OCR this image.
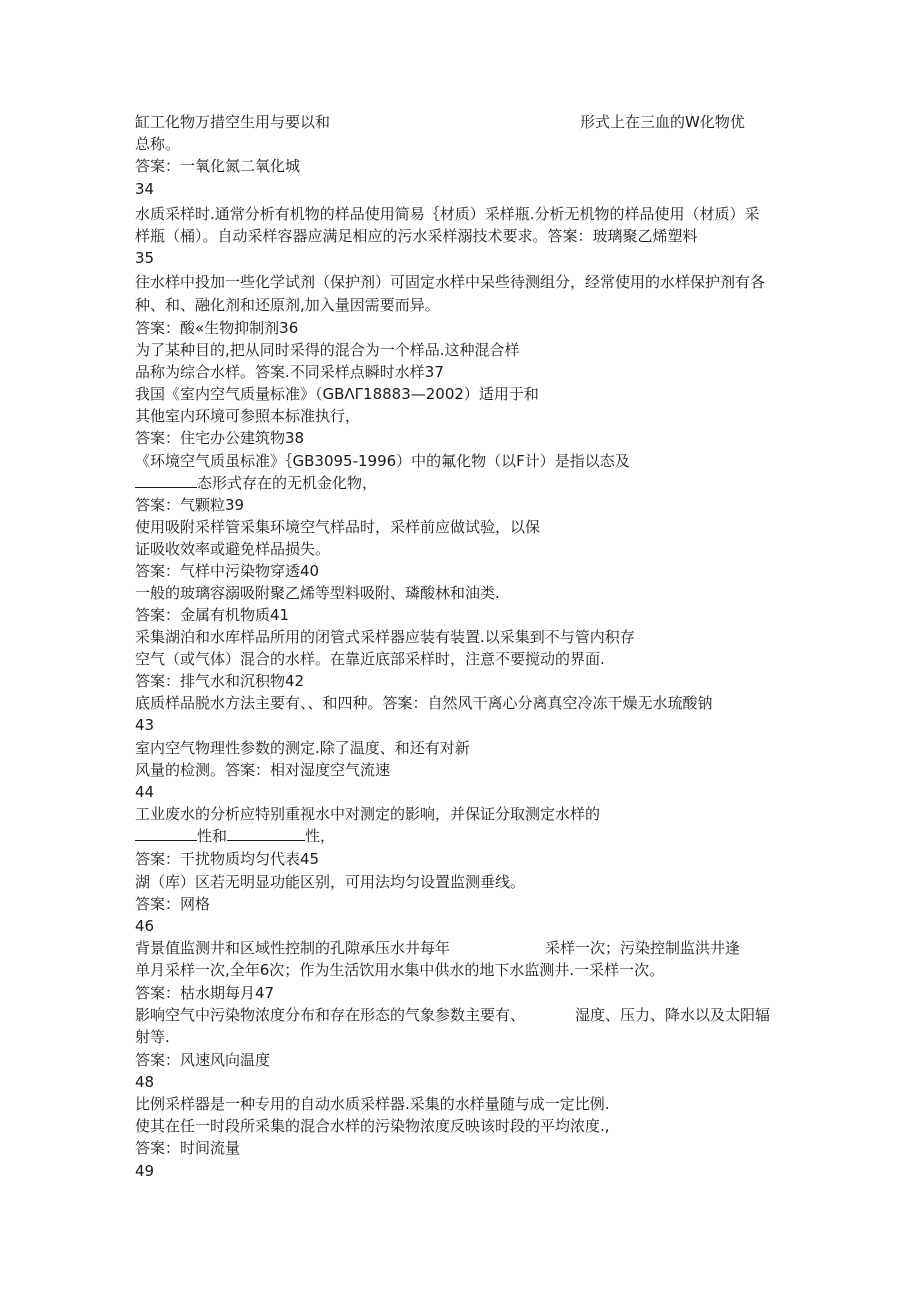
缸工化物万措空生用与要以和	形式上在三血的W化物优
总称。
答案：一氧化氮二氧化城
34
水质采样时.通常分析有机物的样品使用简易｛材质）采样瓶.分析无机物的样品使用（材质）采
样瓶（桶）。自动采样容器应满足相应的污水采样溺技术要求。答案：玻璃聚乙烯塑料
35
往水样中投加一些化学试剂（保护剂）可固定水样中呆些待测组分，经常使用的水样保护剂有各
种、和、融化剂和还原剂,加入量因需要而异。
答案：酸«生物抑制剂36
为了某种目的,把从同时采得的混合为一个样品.这种混合样
品称为综合水样。答案.不同采样点瞬时水样37
我国《室内空气质量标准》（GBΛΓ18883—2002）适用于和
其他室内环境可参照本标准执行，
答案：住宅办公建筑物38
《环境空气质虽标准》｛GB3095-1996）中的氟化物（以F计）是指以态及
态形式存在的无机金化物，
答案：气颗粒39
使用吸附采样管采集环境空气样品时，采样前应做试验，以保
证吸收效率或避免样品损失。
答案：气样中污染物穿透40
一般的玻璃容溺吸附聚乙烯等型料吸附、璘酸林和油类.
答案：金属有机物质41
采集湖泊和水库样品所用的闭管式采样器应装有装置.以采集到不与管内积存
空气（或气体）混合的水样。在靠近底部采样时，注意不要搅动的界面.
答案：排气水和沉积物42
底质样品脱水方法主要有、、和四种。答案：自然风干离心分离真空冷冻干燥无水琉酸钠
43
室内空气物理性参数的测定.除了温度、和还有对新
风量的检测。答案：相对湿度空气流速
44
工业废水的分析应特别重视水中对测定的影响，并保证分取测定水样的
性和	性，
答案：干扰物质均匀代表45
湖（库）区若无明显功能区别，可用法均匀设置监测垂线。
答案：网格
46
背景值监测井和区域性控制的孔隙承压水井每年	采样一次；污染控制监洪井逢
单月采样一次,全年6次；作为生活饮用水集中供水的地下水监测井.一采样一次。
答案：枯水期每月47
影响空气中污染物浓度分布和存在形态的气象参数主要有、	湿度、压力、降水以及太阳辐
射等.
答案：风速风向温度
48
比例采样器是一种专用的自动水质采样器.采集的水样量随与成一定比例.
使其在任一时段所采集的混合水样的污染物浓度反映该时段的平均浓度.,
答案：时间流量
49
